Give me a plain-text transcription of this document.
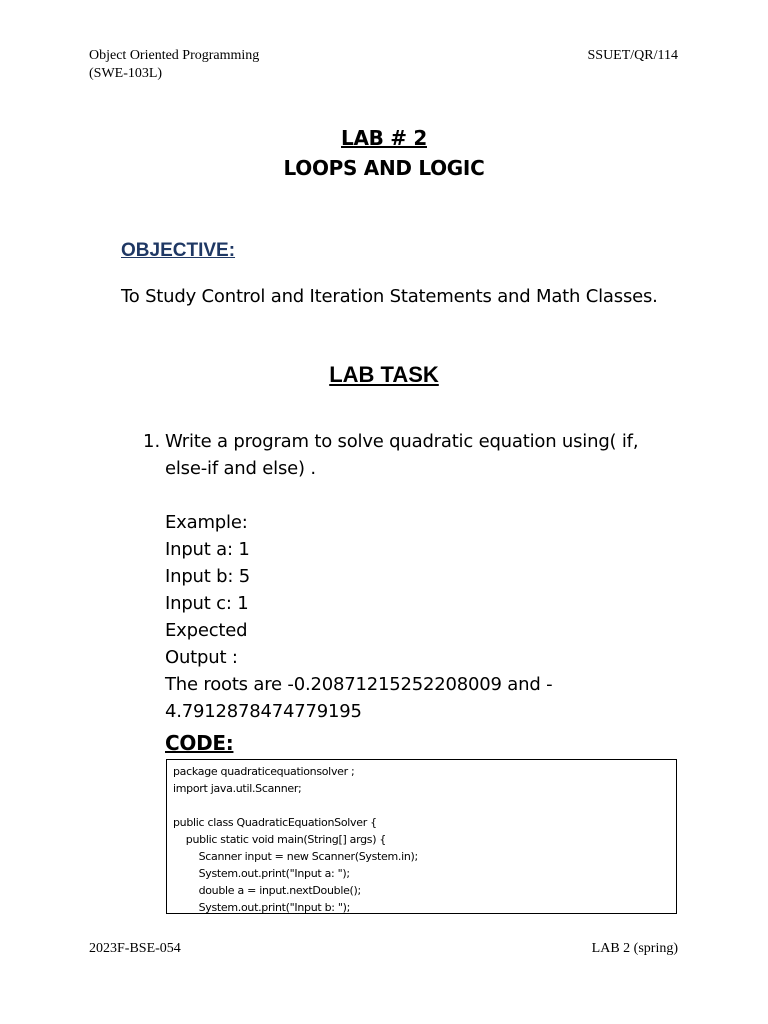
Object Oriented Programming
(SWE-103L)
SSUET/QR/114
LAB # 2
LOOPS AND LOGIC
OBJECTIVE:
To Study Control and Iteration Statements and Math Classes.
LAB TASK
1. Write a program to solve quadratic equation using( if,
else-if and else) .
Example:
Input a: 1
Input b: 5
Input c: 1
Expected
Output :
The roots are -0.20871215252208009 and -
4.7912878474779195
CODE:
package quadraticequationsolver ;
import java.util.Scanner;
public class QuadraticEquationSolver {
public static void main(String[] args) {
Scanner input = new Scanner(System.in);
System.out.print("Input a: ");
double a = input.nextDouble();
System.out.print("Input b: ");
2023F-BSE-054	LAB 2 (spring)
